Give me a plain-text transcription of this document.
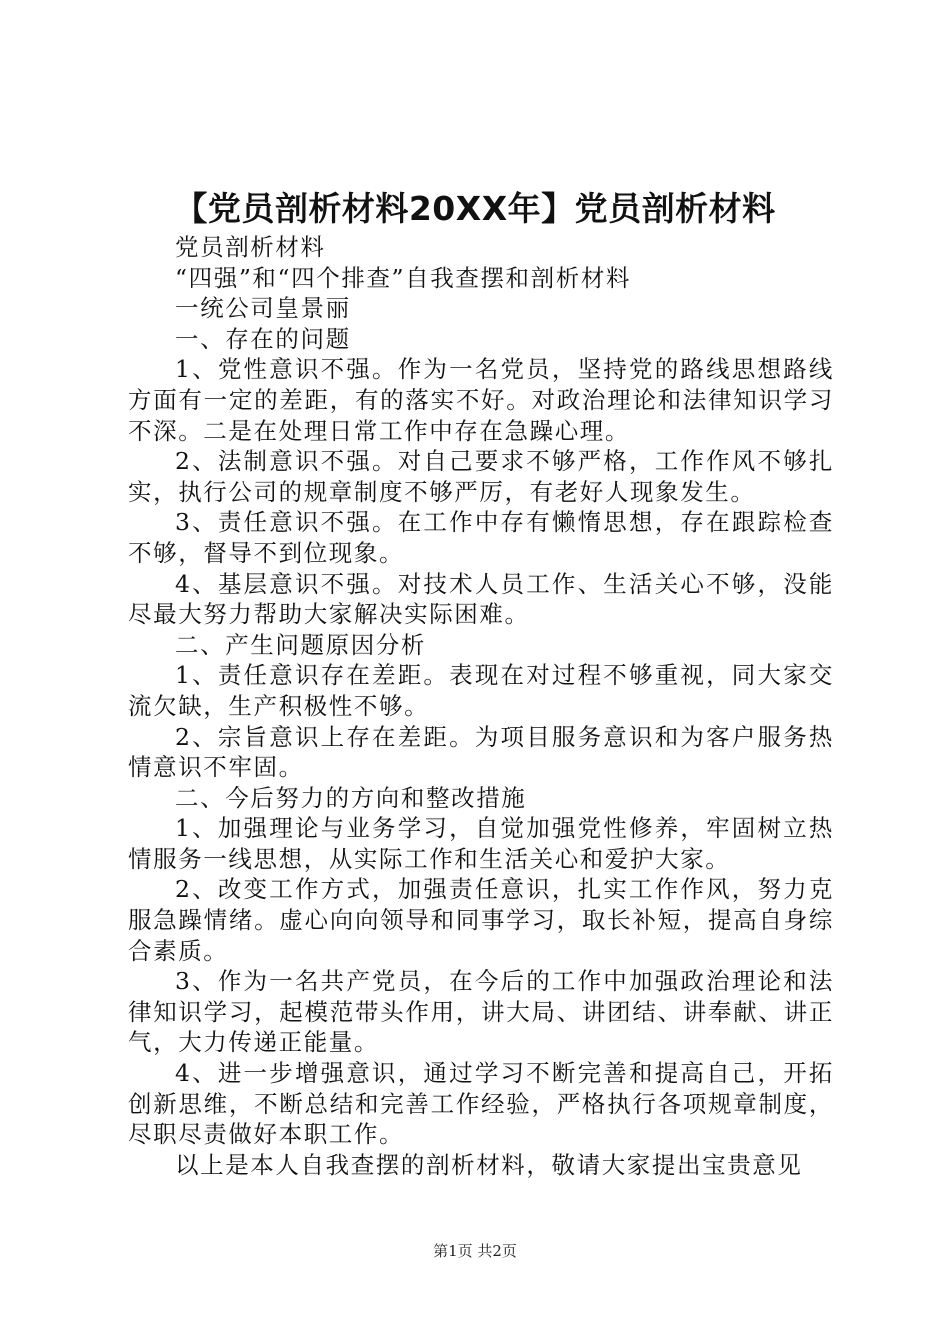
【党员剖析材料20XX年】党员剖析材料

党员剖析材料

“四强”和“四个排查”自我查摆和剖析材料

一统公司皇景丽

一、存在的问题

1、党性意识不强。作为一名党员，坚持党的路线思想路线方面有一定的差距，有的落实不好。对政治理论和法律知识学习不深。二是在处理日常工作中存在急躁心理。

2、法制意识不强。对自己要求不够严格，工作作风不够扎实，执行公司的规章制度不够严厉，有老好人现象发生。

3、责任意识不强。在工作中存有懒惰思想，存在跟踪检查不够，督导不到位现象。

4、基层意识不强。对技术人员工作、生活关心不够，没能尽最大努力帮助大家解决实际困难。

二、产生问题原因分析

1、责任意识存在差距。表现在对过程不够重视，同大家交流欠缺，生产积极性不够。

2、宗旨意识上存在差距。为项目服务意识和为客户服务热情意识不牢固。

二、今后努力的方向和整改措施

1、加强理论与业务学习，自觉加强党性修养，牢固树立热情服务一线思想，从实际工作和生活关心和爱护大家。

2、改变工作方式，加强责任意识，扎实工作作风，努力克服急躁情绪。虚心向向领导和同事学习，取长补短，提高自身综合素质。

3、作为一名共产党员，在今后的工作中加强政治理论和法律知识学习，起模范带头作用，讲大局、讲团结、讲奉献、讲正气，大力传递正能量。

4、进一步增强意识，通过学习不断完善和提高自己，开拓创新思维，不断总结和完善工作经验，严格执行各项规章制度，尽职尽责做好本职工作。

以上是本人自我查摆的剖析材料，敬请大家提出宝贵意见

第1页 共2页
